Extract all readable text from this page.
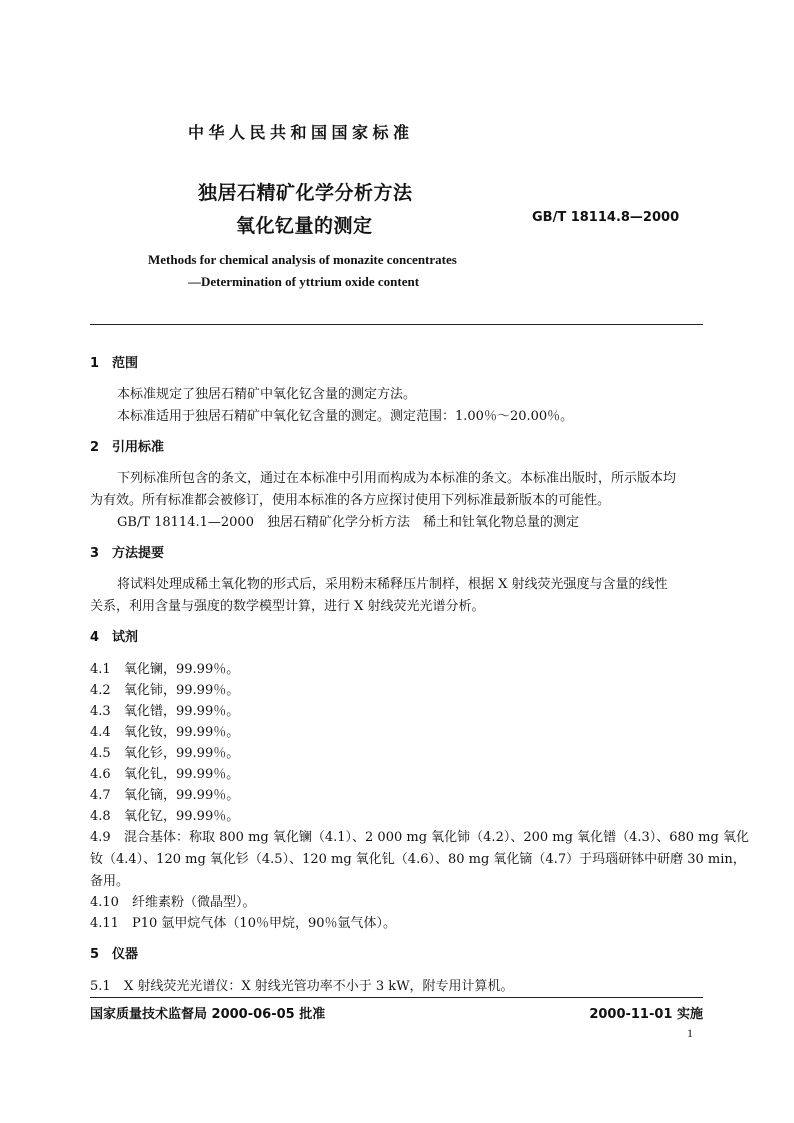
中华人民共和国国家标准
独居石精矿化学分析方法
氧化钇量的测定	GB/T 18114.8—2000
Methods for chemical analysis of monazite concentrates
—Determination of yttrium oxide content
1　范围
本标准规定了独居石精矿中氧化钇含量的测定方法。
本标准适用于独居石精矿中氧化钇含量的测定。测定范围：1.00％～20.00％。
2　引用标准
下列标准所包含的条文，通过在本标准中引用而构成为本标准的条文。本标准出版时，所示版本均
为有效。所有标准都会被修订，使用本标准的各方应探讨使用下列标准最新版本的可能性。
GB/T 18114.1—2000　独居石精矿化学分析方法　稀土和钍氧化物总量的测定
3　方法提要
将试料处理成稀土氧化物的形式后，采用粉末稀释压片制样，根据 X 射线荧光强度与含量的线性
关系，利用含量与强度的数学模型计算，进行 X 射线荧光光谱分析。
4　试剂
4.1 氧化镧，99.99％。
4.2 氧化铈，99.99％。
4.3 氧化镨，99.99％。
4.4 氧化钕，99.99％。
4.5 氧化钐，99.99％。
4.6 氧化钆，99.99％。
4.7 氧化镝，99.99％。
4.8 氧化钇，99.99％。
4.9 混合基体：称取 800 mg 氧化镧（4.1）、2 000 mg 氧化铈（4.2）、200 mg 氧化镨（4.3）、680 mg 氧化
钕（4.4）、120 mg 氧化钐（4.5）、120 mg 氧化钆（4.6）、80 mg 氧化镝（4.7）于玛瑙研钵中研磨 30 min，
备用。
4.10 纤维素粉（微晶型）。
4.11 P10 氩甲烷气体（10％甲烷，90％氩气体）。
5　仪器
5.1 X 射线荧光光谱仪：X 射线光管功率不小于 3 kW，附专用计算机。
国家质量技术监督局 2000-06-05 批准	2000-11-01 实施
1
